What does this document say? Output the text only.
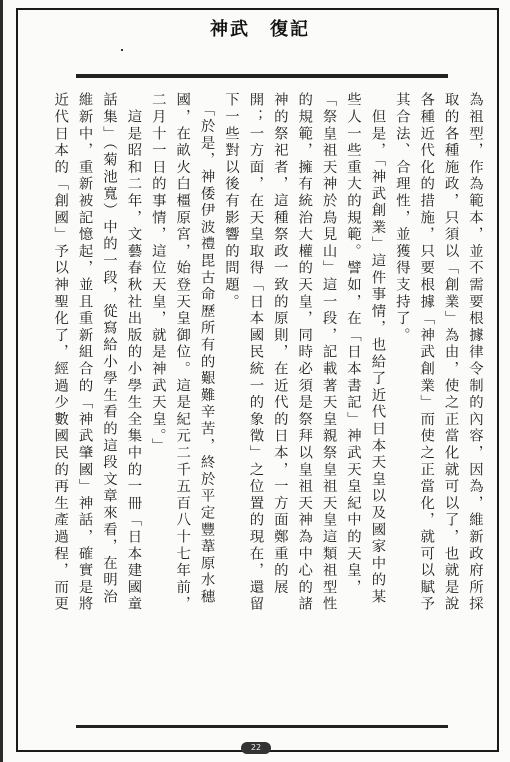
神武　復記
為祖型，作為範本，並不需要根據律令制的內容，因為，維新政府所採
取的各種施政，只須以「創業」為由，使之正當化就可以了，也就是說
各種近代化的措施，只要根據「神武創業」而使之正當化，就可以賦予
其合法、合理性，並獲得支持了。
　但是，「神武創業」這件事情，也給了近代日本天皇以及國家中的某
些人一些重大的規範。譬如，在「日本書記」神武天皇紀中的天皇，
「祭皇祖天神於鳥見山」這一段，記載著天皇親祭皇祖天皇這類祖型性
的規範，擁有統治大權的天皇，同時必須是祭拜以皇祖天神為中心的諸
神的祭祀者，這種祭政一致的原則，在近代的日本，一方面鄭重的展
開；一方面，在天皇取得「日本國民統一的象徵」之位置的現在，還留
下一些對以後有影響的問題。
　「於是，神倭伊波禮毘古命歷所有的艱難辛苦，終於平定豐葦原水穗
國，在畝火白橿原宮，始登天皇御位。這是紀元二千五百八十七年前，
二月十一日的事情，這位天皇，就是神武天皇。」
　這是昭和二年，文藝春秋社出版的小學生全集中的一冊「日本建國童
話集」（菊池寬）中的一段，從寫給小學生看的這段文章來看，在明治
維新中，重新被記憶起，並且重新組合的「神武肇國」神話，確實是將
近代日本的「創國」予以神聖化了，經過少數國民的再生產過程，而更
22
